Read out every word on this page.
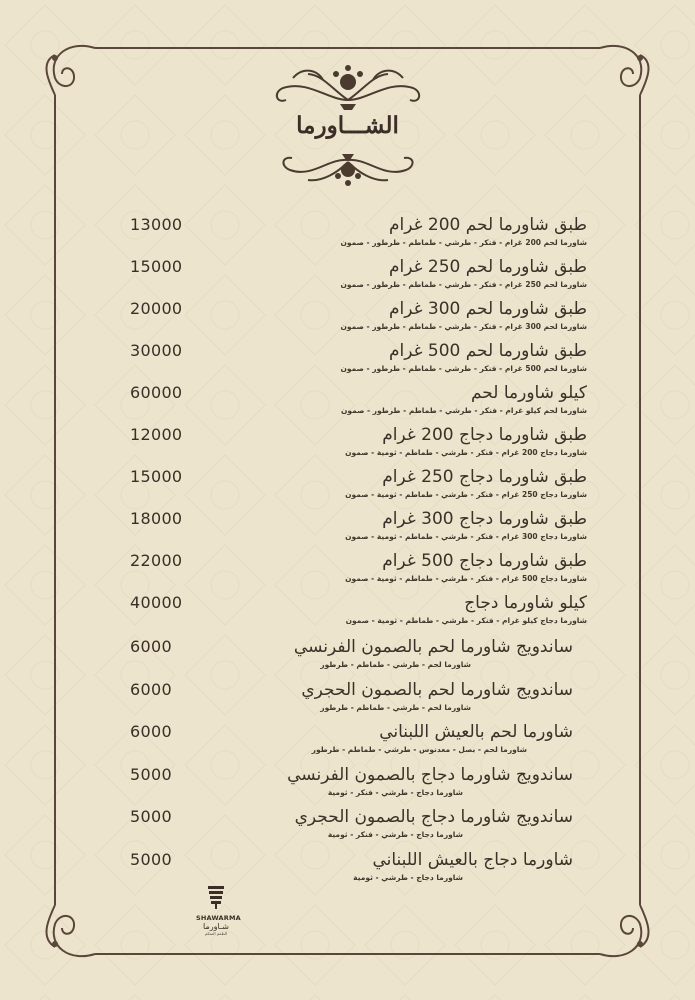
الشـــاورما
طبق شاورما لحم 200 غرام
شاورما لحم 200 غرام - فنكر - طرشي - طماطم - طرطور - صمون
13000
طبق شاورما لحم 250 غرام
شاورما لحم 250 غرام - فنكر - طرشي - طماطم - طرطور - صمون
15000
طبق شاورما لحم 300 غرام
شاورما لحم 300 غرام - فنكر - طرشي - طماطم - طرطور - صمون
20000
طبق شاورما لحم 500 غرام
شاورما لحم 500 غرام - فنكر - طرشي - طماطم - طرطور - صمون
30000
كيلو شاورما لحم
شاورما لحم كيلو غرام - فنكر - طرشي - طماطم - طرطور - صمون
60000
طبق شاورما دجاج 200 غرام
شاورما دجاج 200 غرام - فنكر - طرشي - طماطم - ثومية - صمون
12000
طبق شاورما دجاج 250 غرام
شاورما دجاج 250 غرام - فنكر - طرشي - طماطم - ثومية - صمون
15000
طبق شاورما دجاج 300 غرام
شاورما دجاج 300 غرام - فنكر - طرشي - طماطم - ثومية - صمون
18000
طبق شاورما دجاج 500 غرام
شاورما دجاج 500 غرام - فنكر - طرشي - طماطم - ثومية - صمون
22000
كيلو شاورما دجاج
شاورما دجاج كيلو غرام - فنكر - طرشي - طماطم - ثومية - صمون
40000
ساندويج شاورما لحم بالصمون الفرنسي
شاورما لحم - طرشي - طماطم - طرطور
6000
ساندويج شاورما لحم بالصمون الحجري
شاورما لحم - طرشي - طماطم - طرطور
6000
شاورما لحم بالعيش اللبناني
شاورما لحم - بصل - معدنوس - طرشي - طماطم - طرطور
6000
ساندويج شاورما دجاج بالصمون الفرنسي
شاورما دجاج - طرشي - فنكر - ثومية
5000
ساندويج شاورما دجاج بالصمون الحجري
شاورما دجاج - طرشي - فنكر - ثومية
5000
شاورما دجاج بالعيش اللبناني
شاورما دجاج - طرشي - ثومية
5000
SHAWARMA
شـاورما
الطعم المتكم
